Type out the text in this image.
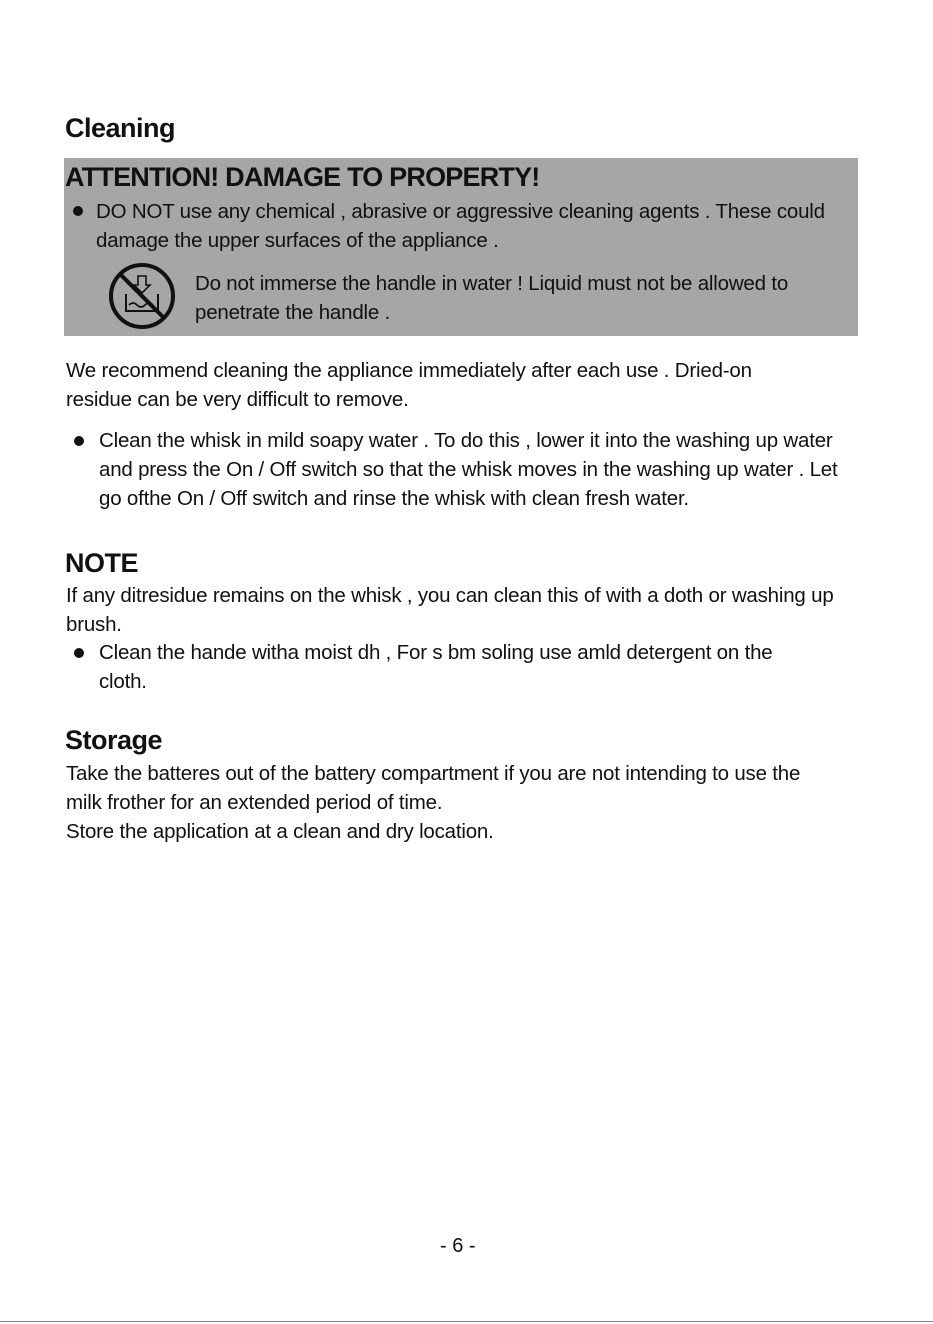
Cleaning
ATTENTION! DAMAGE TO PROPERTY!
DO NOT use any chemical , abrasive or aggressive cleaning agents . These could
damage the upper surfaces of the appliance .
Do not immerse the handle in water ! Liquid must not be allowed to
penetrate the handle .
We recommend cleaning the appliance immediately after each use . Dried-on
residue can be very difficult to remove.
Clean the whisk in mild soapy water . To do this , lower it into the washing up water
and press the On / Off switch so that the whisk moves in the washing up water . Let
go ofthe On / Off switch and rinse the whisk with clean fresh water.
NOTE
If any ditresidue remains on the whisk , you can clean this of with a doth or washing up
brush.
Clean the hande witha moist dh , For s bm soling use amld detergent on the
cloth.
Storage
Take the batteres out of the battery compartment if you are not intending to use the
milk frother for an extended period of time.
Store the application at a clean and dry location.
- 6 -
